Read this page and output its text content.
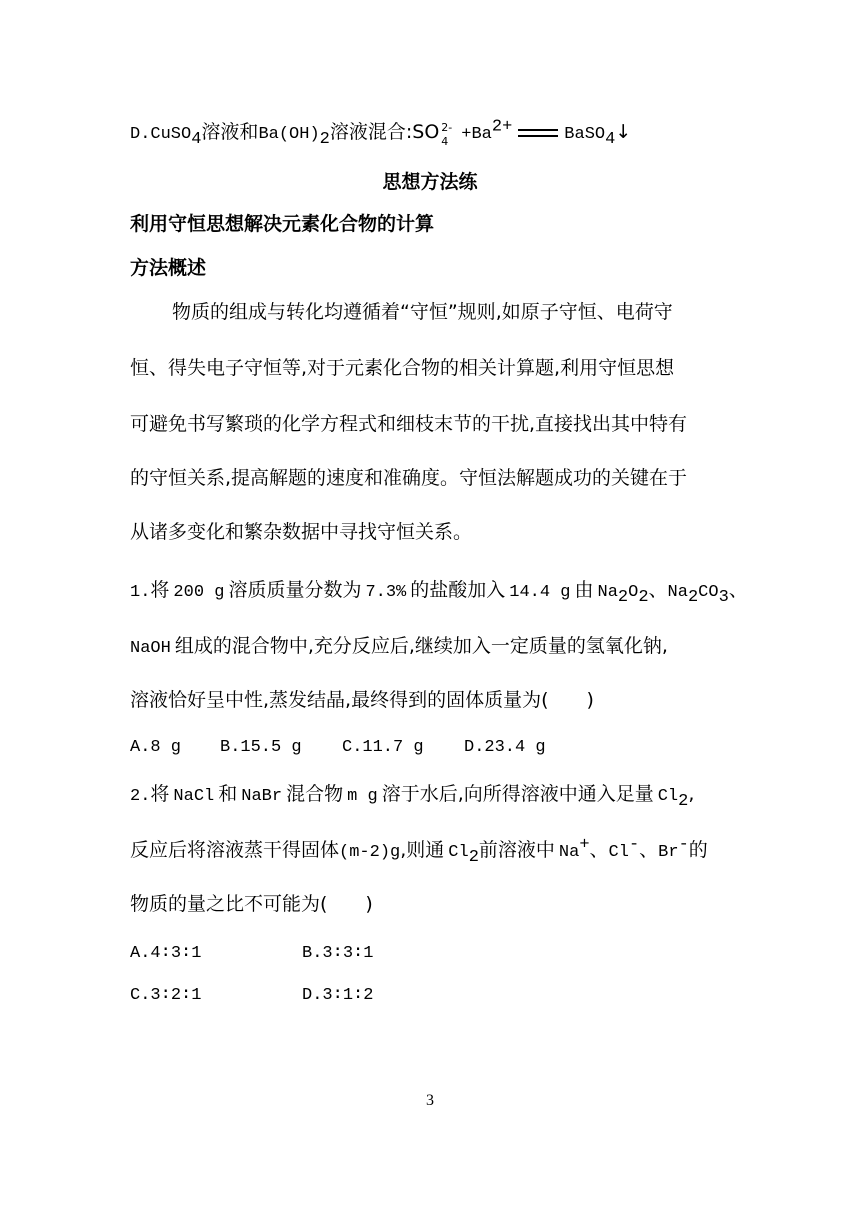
D.CuSO$_4$溶液和$Ba(OH)_2$溶液混合:SO 2-
$4 +Ba^{2+}$	BaSO$_4$↓
思想方法练
利用守恒思想解决元素化合物的计算
方法概述
物质的组成与转化均遵循着“守恒”规则,如原子守恒、电荷守
恒、得失电子守恒等,对于元素化合物的相关计算题,利用守恒思想
可避免书写繁琐的化学方程式和细枝末节的干扰,直接找出其中特有
的守恒关系,提高解题的速度和准确度。守恒法解题成功的关键在于
从诸多变化和繁杂数据中寻找守恒关系。
1.将 200 g 溶质质量分数为 7.3% 的盐酸加入 14.4 g 由 $Na_2O_2$、$Na_2CO_3$、
NaOH 组成的混合物中,充分反应后,继续加入一定质量的氢氧化钠,
溶液恰好呈中性,蒸发结晶,最终得到的固体质量为( )
A.8 g B.15.5 g C.11.7 g D.23.4 g
2.将 NaCl 和 NaBr 混合物 m g 溶于水后,向所得溶液中通入足量 $Cl_2$,
反应后将溶液蒸干得固体(m-2)g,则通 $Cl_2$前溶液中 Na+、Cl-、Br-的
物质的量之比不可能为( )
A.4∶3∶1	B.3∶3∶1
C.3∶2∶1	D.3∶1∶2
3
